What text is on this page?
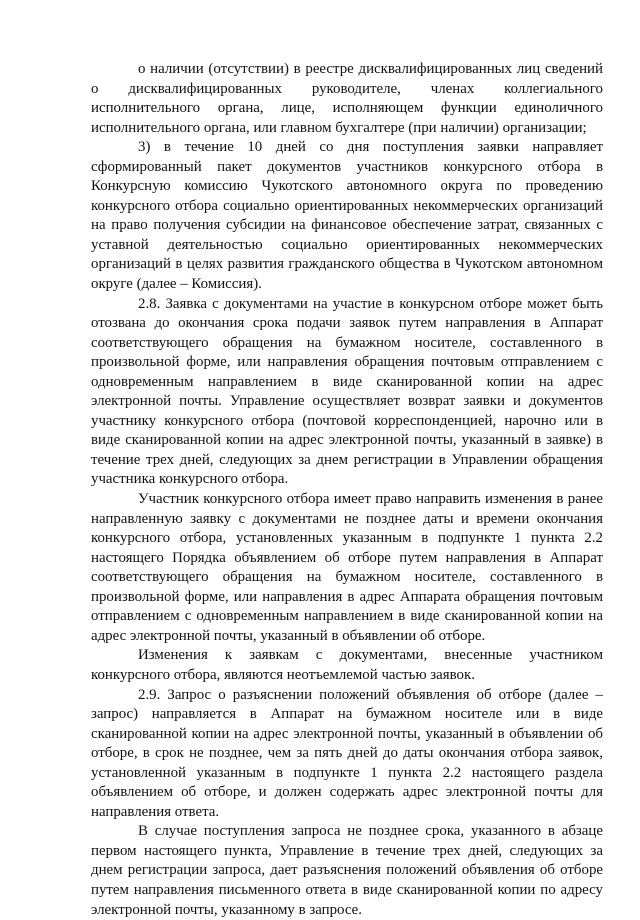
о наличии (отсутствии) в реестре дисквалифицированных лиц сведений о дисквалифицированных руководителе, членах коллегиального исполнительного органа, лице, исполняющем функции единоличного исполнительного органа, или главном бухгалтере (при наличии) организации;

3) в течение 10 дней со дня поступления заявки направляет сформированный пакет документов участников конкурсного отбора в Конкурсную комиссию Чукотского автономного округа по проведению конкурсного отбора социально ориентированных некоммерческих организаций на право получения субсидии на финансовое обеспечение затрат, связанных с уставной деятельностью социально ориентированных некоммерческих организаций в целях развития гражданского общества в Чукотском автономном округе (далее – Комиссия).

2.8. Заявка с документами на участие в конкурсном отборе может быть отозвана до окончания срока подачи заявок путем направления в Аппарат соответствующего обращения на бумажном носителе, составленного в произвольной форме, или направления обращения почтовым отправлением с одновременным направлением в виде сканированной копии на адрес электронной почты. Управление осуществляет возврат заявки и документов участнику конкурсного отбора (почтовой корреспонденцией, нарочно или в виде сканированной копии на адрес электронной почты, указанный в заявке) в течение трех дней, следующих за днем регистрации в Управлении обращения участника конкурсного отбора.

Участник конкурсного отбора имеет право направить изменения в ранее направленную заявку с документами не позднее даты и времени окончания конкурсного отбора, установленных указанным в подпункте 1 пункта 2.2 настоящего Порядка объявлением об отборе путем направления в Аппарат соответствующего обращения на бумажном носителе, составленного в произвольной форме, или направления в адрес Аппарата обращения почтовым отправлением с одновременным направлением в виде сканированной копии на адрес электронной почты, указанный в объявлении об отборе.

Изменения к заявкам с документами, внесенные участником конкурсного отбора, являются неотъемлемой частью заявок.

2.9. Запрос о разъяснении положений объявления об отборе (далее – запрос) направляется в Аппарат на бумажном носителе или в виде сканированной копии на адрес электронной почты, указанный в объявлении об отборе, в срок не позднее, чем за пять дней до даты окончания отбора заявок, установленной указанным в подпункте 1 пункта 2.2 настоящего раздела объявлением об отборе, и должен содержать адрес электронной почты для направления ответа.

В случае поступления запроса не позднее срока, указанного в абзаце первом настоящего пункта, Управление в течение трех дней, следующих за днем регистрации запроса, дает разъяснения положений объявления об отборе путем направления письменного ответа в виде сканированной копии по адресу электронной почты, указанному в запросе.
